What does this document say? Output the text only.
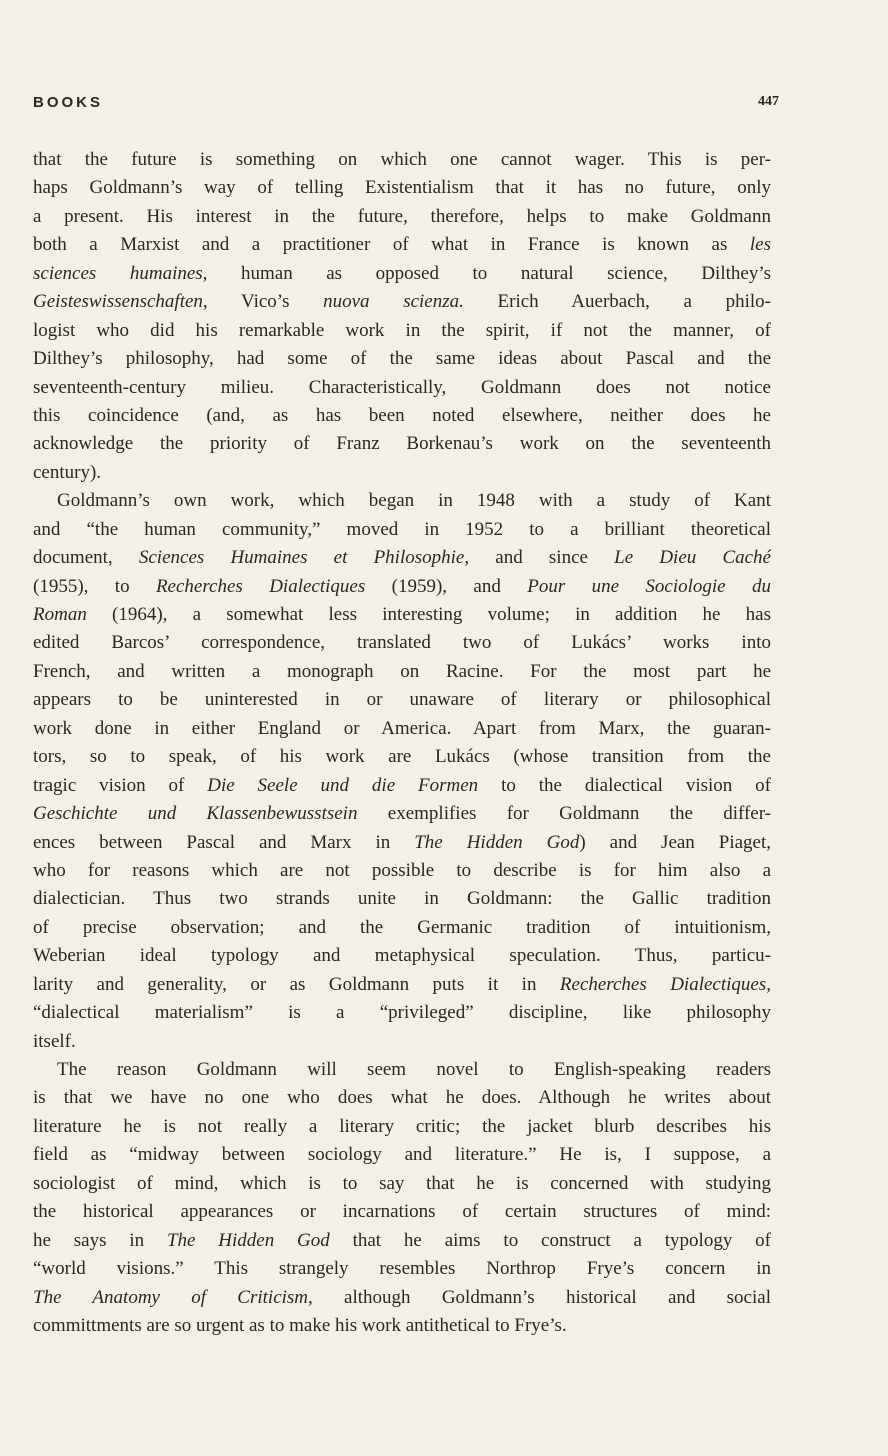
BOOKS	447
that the future is something on which one cannot wager. This is per-
haps Goldmann’s way of telling Existentialism that it has no future, only
a present. His interest in the future, therefore, helps to make Goldmann
both a Marxist and a practitioner of what in France is known as les
sciences humaines, human as opposed to natural science, Dilthey’s
Geisteswissenschaften, Vico’s nuova scienza. Erich Auerbach, a philo-
logist who did his remarkable work in the spirit, if not the manner, of
Dilthey’s philosophy, had some of the same ideas about Pascal and the
seventeenth-century milieu. Characteristically, Goldmann does not notice
this coincidence (and, as has been noted elsewhere, neither does he
acknowledge the priority of Franz Borkenau’s work on the seventeenth
century).
Goldmann’s own work, which began in 1948 with a study of Kant
and “the human community,” moved in 1952 to a brilliant theoretical
document, Sciences Humaines et Philosophie, and since Le Dieu Caché
(1955), to Recherches Dialectiques (1959), and Pour une Sociologie du
Roman (1964), a somewhat less interesting volume; in addition he has
edited Barcos’ correspondence, translated two of Lukács’ works into
French, and written a monograph on Racine. For the most part he
appears to be uninterested in or unaware of literary or philosophical
work done in either England or America. Apart from Marx, the guaran-
tors, so to speak, of his work are Lukács (whose transition from the
tragic vision of Die Seele und die Formen to the dialectical vision of
Geschichte und Klassenbewusstsein exemplifies for Goldmann the differ-
ences between Pascal and Marx in The Hidden God) and Jean Piaget,
who for reasons which are not possible to describe is for him also a
dialectician. Thus two strands unite in Goldmann: the Gallic tradition
of precise observation; and the Germanic tradition of intuitionism,
Weberian ideal typology and metaphysical speculation. Thus, particu-
larity and generality, or as Goldmann puts it in Recherches Dialectiques,
“dialectical materialism” is a “privileged” discipline, like philosophy
itself.
The reason Goldmann will seem novel to English-speaking readers
is that we have no one who does what he does. Although he writes about
literature he is not really a literary critic; the jacket blurb describes his
field as “midway between sociology and literature.” He is, I suppose, a
sociologist of mind, which is to say that he is concerned with studying
the historical appearances or incarnations of certain structures of mind:
he says in The Hidden God that he aims to construct a typology of
“world visions.” This strangely resembles Northrop Frye’s concern in
The Anatomy of Criticism, although Goldmann’s historical and social
committments are so urgent as to make his work antithetical to Frye’s.
